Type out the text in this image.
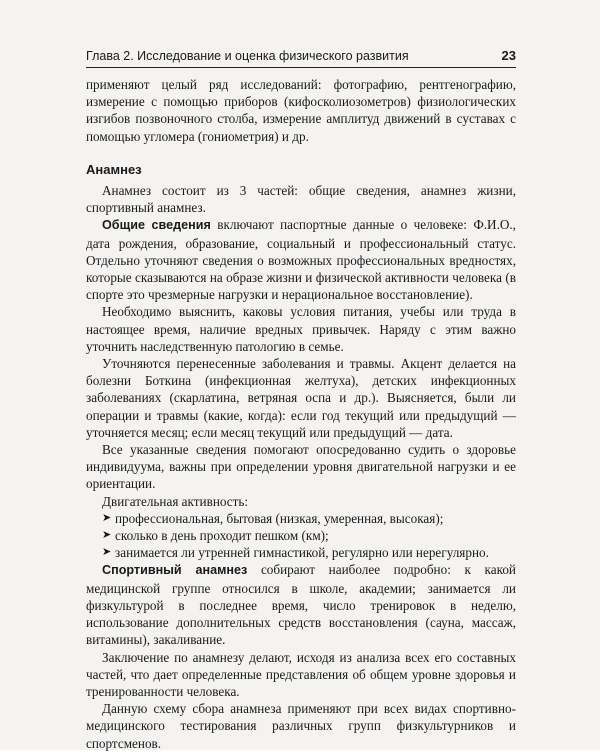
Глава 2. Исследование и оценка физического развития	23

применяют целый ряд исследований: фотографию, рентгенографию, измерение с помощью приборов (кифосколиозометров) физиологических изгибов позвоночного столба, измерение амплитуд движений в суставах с помощью угломера (гониометрия) и др.

Анамнез

Анамнез состоит из 3 частей: общие сведения, анамнез жизни, спортивный анамнез.

Общие сведения включают паспортные данные о человеке: Ф.И.О., дата рождения, образование, социальный и профессиональный статус. Отдельно уточняют сведения о возможных профессиональных вредностях, которые сказываются на образе жизни и физической активности человека (в спорте это чрезмерные нагрузки и нерациональное восстановление).

Необходимо выяснить, каковы условия питания, учебы или труда в настоящее время, наличие вредных привычек. Наряду с этим важно уточнить наследственную патологию в семье.

Уточняются перенесенные заболевания и травмы. Акцент делается на болезни Боткина (инфекционная желтуха), детских инфекционных заболеваниях (скарлатина, ветряная оспа и др.). Выясняется, были ли операции и травмы (какие, когда): если год текущий или предыдущий — уточняется месяц; если месяц текущий или предыдущий — дата.

Все указанные сведения помогают опосредованно судить о здоровье индивидуума, важны при определении уровня двигательной нагрузки и ее ориентации.

Двигательная активность:

➤ профессиональная, бытовая (низкая, умеренная, высокая);
➤ сколько в день проходит пешком (км);
➤ занимается ли утренней гимнастикой, регулярно или нерегулярно.

Спортивный анамнез собирают наиболее подробно: к какой медицинской группе относился в школе, академии; занимается ли физкультурой в последнее время, число тренировок в неделю, использование дополнительных средств восстановления (сауна, массаж, витамины), закаливание.

Заключение по анамнезу делают, исходя из анализа всех его составных частей, что дает определенные представления об общем уровне здоровья и тренированности человека.

Данную схему сбора анамнеза применяют при всех видах спортивно-медицинского тестирования различных групп физкультурников и спортсменов.
